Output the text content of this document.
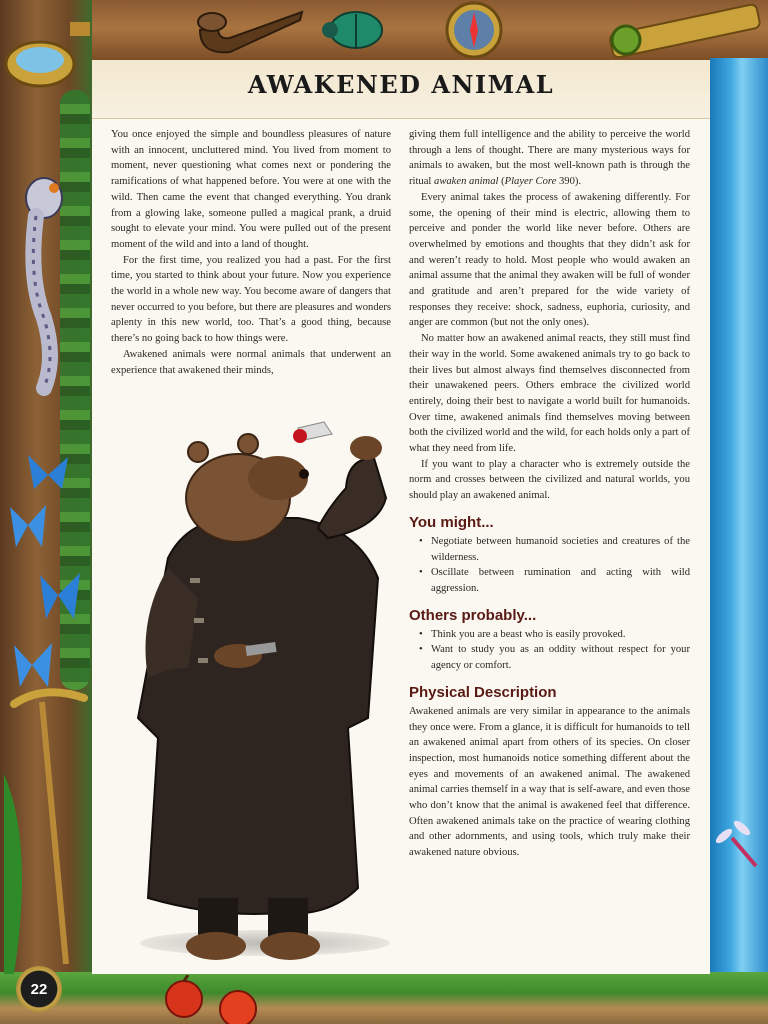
AWAKENED ANIMAL

You once enjoyed the simple and boundless pleasures of nature with an innocent, uncluttered mind. You lived from moment to moment, never questioning what comes next or pondering the ramifications of what happened before. You were at one with the wild. Then came the event that changed everything. You drank from a glowing lake, someone pulled a magical prank, a druid sought to elevate your mind. You were pulled out of the present moment of the wild and into a land of thought.

For the first time, you realized you had a past. For the first time, you started to think about your future. Now you experience the world in a whole new way. You become aware of dangers that never occurred to you before, but there are pleasures and wonders aplenty in this new world, too. That’s a good thing, because there’s no going back to how things were.

Awakened animals were normal animals that underwent an experience that awakened their minds,

giving them full intelligence and the ability to perceive the world through a lens of thought. There are many mysterious ways for animals to awaken, but the most well-known path is through the ritual awaken animal (Player Core 390).

Every animal takes the process of awakening differently. For some, the opening of their mind is electric, allowing them to perceive and ponder the world like never before. Others are overwhelmed by emotions and thoughts that they didn’t ask for and weren’t ready to hold. Most people who would awaken an animal assume that the animal they awaken will be full of wonder and gratitude and aren’t prepared for the wide variety of responses they receive: shock, sadness, euphoria, curiosity, and anger are common (but not the only ones).

No matter how an awakened animal reacts, they still must find their way in the world. Some awakened animals try to go back to their lives but almost always find themselves disconnected from their unawakened peers. Others embrace the civilized world entirely, doing their best to navigate a world built for humanoids. Over time, awakened animals find themselves moving between both the civilized world and the wild, for each holds only a part of what they need from life.

If you want to play a character who is extremely outside the norm and crosses between the civilized and natural worlds, you should play an awakened animal.

You might...
• Negotiate between humanoid societies and creatures of the wilderness.
• Oscillate between rumination and acting with wild aggression.
Others probably...
• Think you are a beast who is easily provoked.
• Want to study you as an oddity without respect for your agency or comfort.
Physical Description

Awakened animals are very similar in appearance to the animals they once were. From a glance, it is difficult for humanoids to tell an awakened animal apart from others of its species. On closer inspection, most humanoids notice something different about the eyes and movements of an awakened animal. The awakened animal carries themself in a way that is self-aware, and even those who don’t know that the animal is awakened feel that difference. Often awakened animals take on the practice of wearing clothing and other adornments, and using tools, which truly make their awakened nature obvious.

22
